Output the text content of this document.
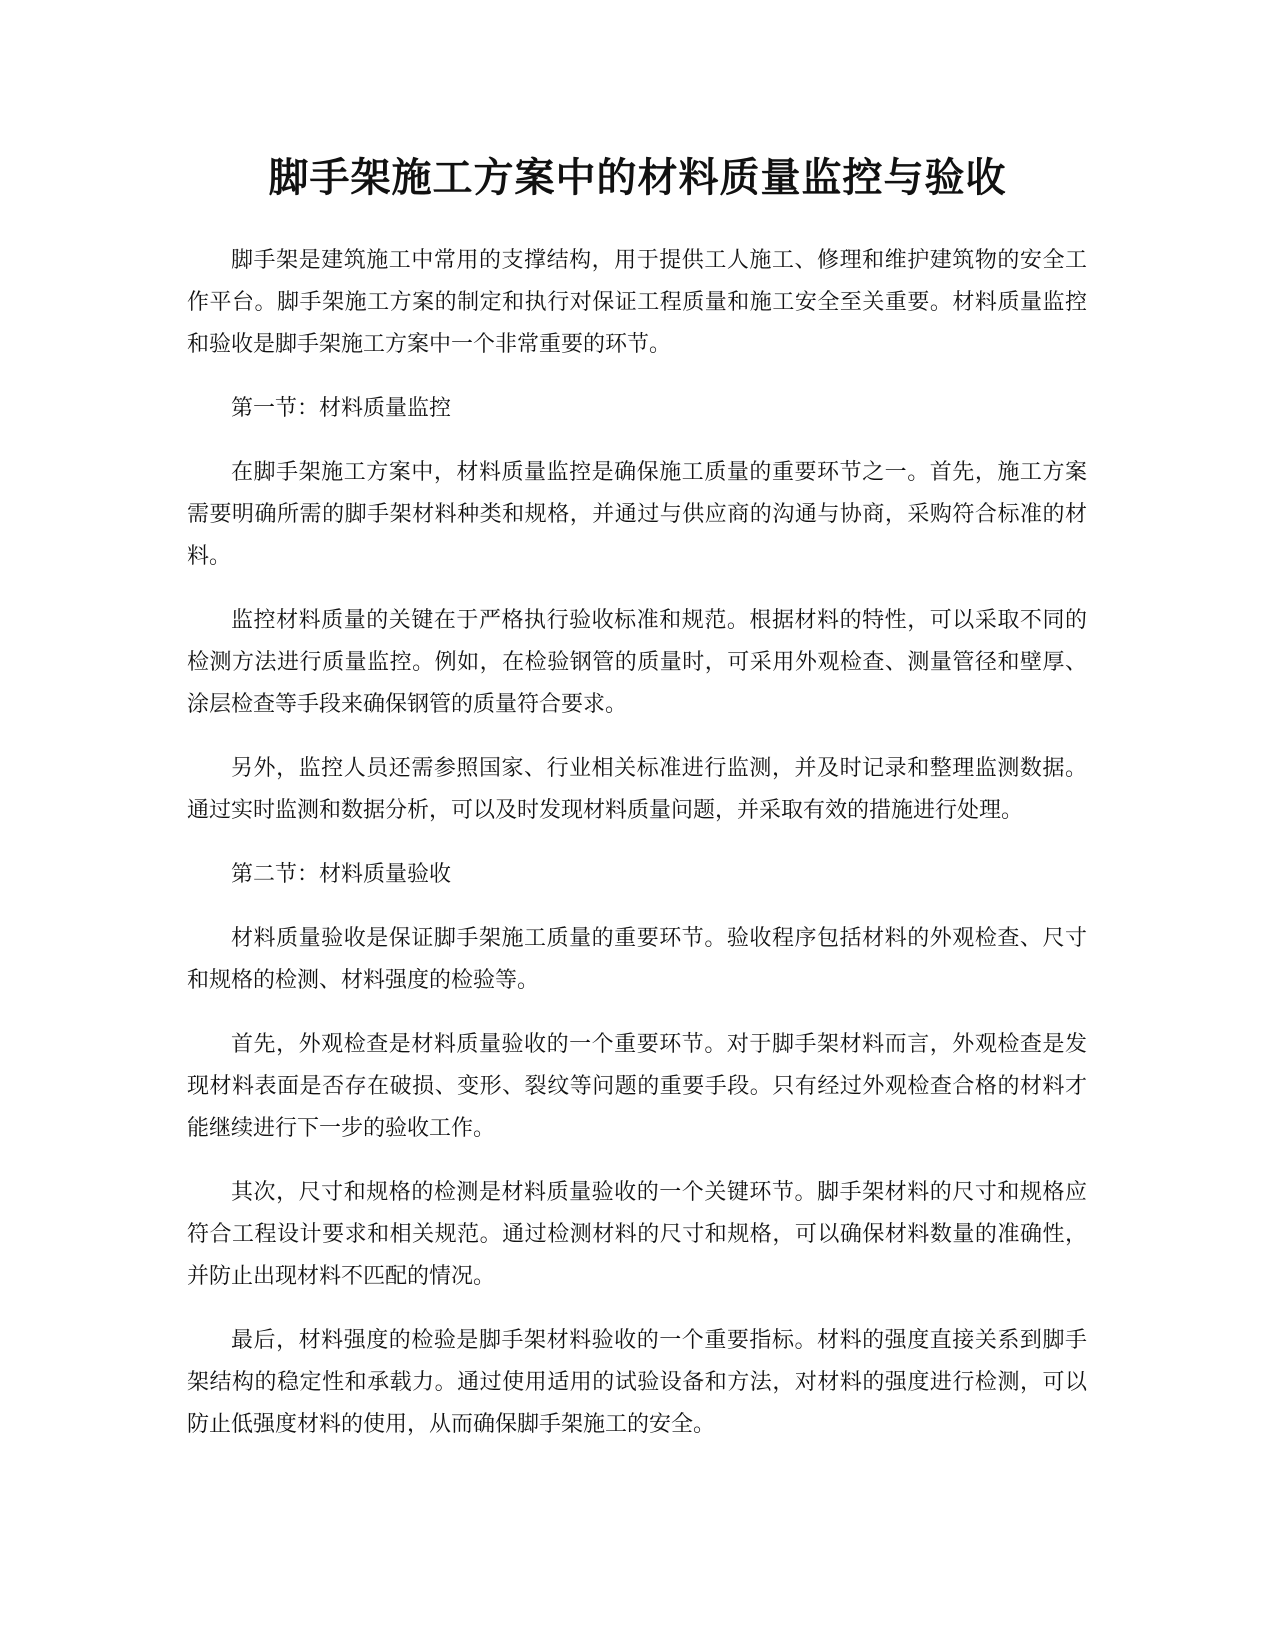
脚手架施工方案中的材料质量监控与验收

脚手架是建筑施工中常用的支撑结构，用于提供工人施工、修理和维护建筑物的安全工作平台。脚手架施工方案的制定和执行对保证工程质量和施工安全至关重要。材料质量监控和验收是脚手架施工方案中一个非常重要的环节。

第一节：材料质量监控

在脚手架施工方案中，材料质量监控是确保施工质量的重要环节之一。首先，施工方案需要明确所需的脚手架材料种类和规格，并通过与供应商的沟通与协商，采购符合标准的材料。

监控材料质量的关键在于严格执行验收标准和规范。根据材料的特性，可以采取不同的检测方法进行质量监控。例如，在检验钢管的质量时，可采用外观检查、测量管径和壁厚、涂层检查等手段来确保钢管的质量符合要求。

另外，监控人员还需参照国家、行业相关标准进行监测，并及时记录和整理监测数据。通过实时监测和数据分析，可以及时发现材料质量问题，并采取有效的措施进行处理。

第二节：材料质量验收

材料质量验收是保证脚手架施工质量的重要环节。验收程序包括材料的外观检查、尺寸和规格的检测、材料强度的检验等。

首先，外观检查是材料质量验收的一个重要环节。对于脚手架材料而言，外观检查是发现材料表面是否存在破损、变形、裂纹等问题的重要手段。只有经过外观检查合格的材料才能继续进行下一步的验收工作。

其次，尺寸和规格的检测是材料质量验收的一个关键环节。脚手架材料的尺寸和规格应符合工程设计要求和相关规范。通过检测材料的尺寸和规格，可以确保材料数量的准确性，并防止出现材料不匹配的情况。

最后，材料强度的检验是脚手架材料验收的一个重要指标。材料的强度直接关系到脚手架结构的稳定性和承载力。通过使用适用的试验设备和方法，对材料的强度进行检测，可以防止低强度材料的使用，从而确保脚手架施工的安全。
